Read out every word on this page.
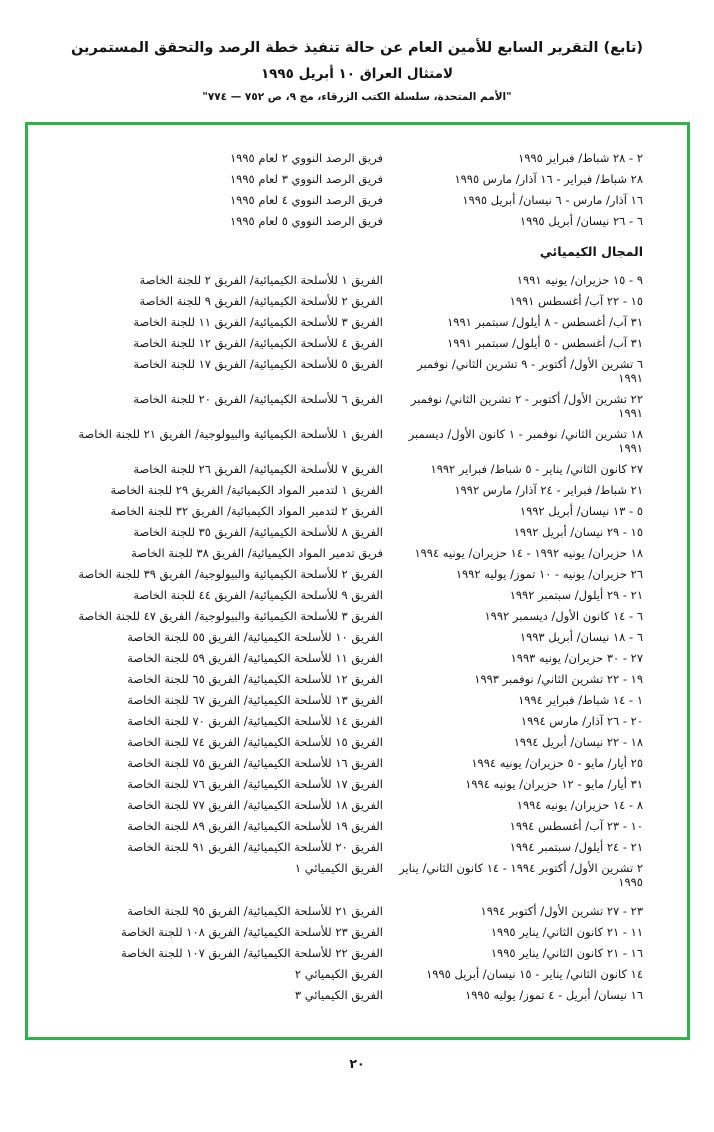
(تابع) التقرير السابع للأمين العام عن حالة تنفيذ خطة الرصد والتحقق المستمرين
لامتثال العراق ١٠ أبريل ١٩٩٥
"الأمم المتحدة، سلسلة الكتب الزرقاء، مج ٩، ص ٧٥٢ — ٧٧٤"
٢ - ٢٨ شباط/ فبراير ١٩٩٥
فريق الرصد النووي ٢ لعام ١٩٩٥
٢٨ شباط/ فبراير - ١٦ آذار/ مارس ١٩٩٥
فريق الرصد النووي ٣ لعام ١٩٩٥
١٦ آذار/ مارس - ٦ نيسان/ أبريل ١٩٩٥
فريق الرصد النووي ٤ لعام ١٩٩٥
٦ - ٢٦ نيسان/ أبريل ١٩٩٥
فريق الرصد النووي ٥ لعام ١٩٩٥
المجال الكيميائي
٩ - ١٥ حزيران/ يونيه ١٩٩١
الفريق ١ للأسلحة الكيميائية/ الفريق ٢ للجنة الخاصة
١٥ - ٢٢ آب/ أغسطس ١٩٩١
الفريق ٢ للأسلحة الكيميائية/ الفريق ٩ للجنة الخاصة
٣١ آب/ أغسطس - ٨ أيلول/ سبتمبر ١٩٩١
الفريق ٣ للأسلحة الكيميائية/ الفريق ١١ للجنة الخاصة
٣١ آب/ أغسطس - ٥ أيلول/ سبتمبر ١٩٩١
الفريق ٤ للأسلحة الكيميائية/ الفريق ١٢ للجنة الخاصة
٦ تشرين الأول/ أكتوبر - ٩ تشرين الثاني/ نوفمبر ١٩٩١
الفريق ٥ للأسلحة الكيميائية/ الفريق ١٧ للجنة الخاصة
٢٢ تشرين الأول/ أكتوبر - ٢ تشرين الثاني/ نوفمبر ١٩٩١
الفريق ٦ للأسلحة الكيميائية/ الفريق ٢٠ للجنة الخاصة
١٨ تشرين الثاني/ نوفمبر - ١ كانون الأول/ ديسمبر ١٩٩١
الفريق ١ للأسلحة الكيميائية والبيولوجية/ الفريق ٢١ للجنة الخاصة
٢٧ كانون الثاني/ يناير - ٥ شباط/ فبراير ١٩٩٢
الفريق ٧ للأسلحة الكيميائية/ الفريق ٢٦ للجنة الخاصة
٢١ شباط/ فبراير - ٢٤ آذار/ مارس ١٩٩٢
الفريق ١ لتدمير المواد الكيميائية/ الفريق ٢٩ للجنة الخاصة
٥ - ١٣ نيسان/ أبريل ١٩٩٢
الفريق ٢ لتدمير المواد الكيميائية/ الفريق ٣٢ للجنة الخاصة
١٥ - ٢٩ نيسان/ أبريل ١٩٩٢
الفريق ٨ للأسلحة الكيميائية/ الفريق ٣٥ للجنة الخاصة
١٨ حزيران/ يونيه ١٩٩٢ - ١٤ حزيران/ يونيه ١٩٩٤
فريق تدمير المواد الكيميائية/ الفريق ٣٨ للجنة الخاصة
٢٦ حزيران/ يونيه - ١٠ تموز/ يوليه ١٩٩٢
الفريق ٢ للأسلحة الكيميائية والبيولوجية/ الفريق ٣٩ للجنة الخاصة
٢١ - ٢٩ أيلول/ سبتمبر ١٩٩٢
الفريق ٩ للأسلحة الكيميائية/ الفريق ٤٤ للجنة الخاصة
٦ - ١٤ كانون الأول/ ديسمبر ١٩٩٢
الفريق ٣ للأسلحة الكيميائية والبيولوجية/ الفريق ٤٧ للجنة الخاصة
٦ - ١٨ نيسان/ أبريل ١٩٩٣
الفريق ١٠ للأسلحة الكيميائية/ الفريق ٥٥ للجنة الخاصة
٢٧ - ٣٠ حزيران/ يونيه ١٩٩٣
الفريق ١١ للأسلحة الكيميائية/ الفريق ٥٩ للجنة الخاصة
١٩ - ٢٢ تشرين الثاني/ نوفمبر ١٩٩٣
الفريق ١٢ للأسلحة الكيميائية/ الفريق ٦٥ للجنة الخاصة
١ - ١٤ شباط/ فبراير ١٩٩٤
الفريق ١٣ للأسلحة الكيميائية/ الفريق ٦٧ للجنة الخاصة
٢٠ - ٢٦ آذار/ مارس ١٩٩٤
الفريق ١٤ للأسلحة الكيميائية/ الفريق ٧٠ للجنة الخاصة
١٨ - ٢٢ نيسان/ أبريل ١٩٩٤
الفريق ١٥ للأسلحة الكيميائية/ الفريق ٧٤ للجنة الخاصة
٢٥ أيار/ مايو - ٥ حزيران/ يونيه ١٩٩٤
الفريق ١٦ للأسلحة الكيميائية/ الفريق ٧٥ للجنة الخاصة
٣١ أيار/ مايو - ١٢ حزيران/ يونيه ١٩٩٤
الفريق ١٧ للأسلحة الكيميائية/ الفريق ٧٦ للجنة الخاصة
٨ - ١٤ حزيران/ يونيه ١٩٩٤
الفريق ١٨ للأسلحة الكيميائية/ الفريق ٧٧ للجنة الخاصة
١٠ - ٢٣ آب/ أغسطس ١٩٩٤
الفريق ١٩ للأسلحة الكيميائية/ الفريق ٨٩ للجنة الخاصة
٢١ - ٢٤ أيلول/ سبتمبر ١٩٩٤
الفريق ٢٠ للأسلحة الكيميائية/ الفريق ٩١ للجنة الخاصة
٢ تشرين الأول/ أكتوبر ١٩٩٤ - ١٤ كانون الثاني/ يناير ١٩٩٥
الفريق الكيميائي ١
٢٣ - ٢٧ تشرين الأول/ أكتوبر ١٩٩٤
الفريق ٢١ للأسلحة الكيميائية/ الفريق ٩٥ للجنة الخاصة
١١ - ٢١ كانون الثاني/ يناير ١٩٩٥
الفريق ٢٣ للأسلحة الكيميائية/ الفريق ١٠٨ للجنة الخاصة
١٦ - ٢١ كانون الثاني/ يناير ١٩٩٥
الفريق ٢٢ للأسلحة الكيميائية/ الفريق ١٠٧ للجنة الخاصة
١٤ كانون الثاني/ يناير - ١٥ نيسان/ أبريل ١٩٩٥
الفريق الكيميائي ٢
١٦ نيسان/ أبريل - ٤ تموز/ يوليه ١٩٩٥
الفريق الكيميائي ٣
٢٠
